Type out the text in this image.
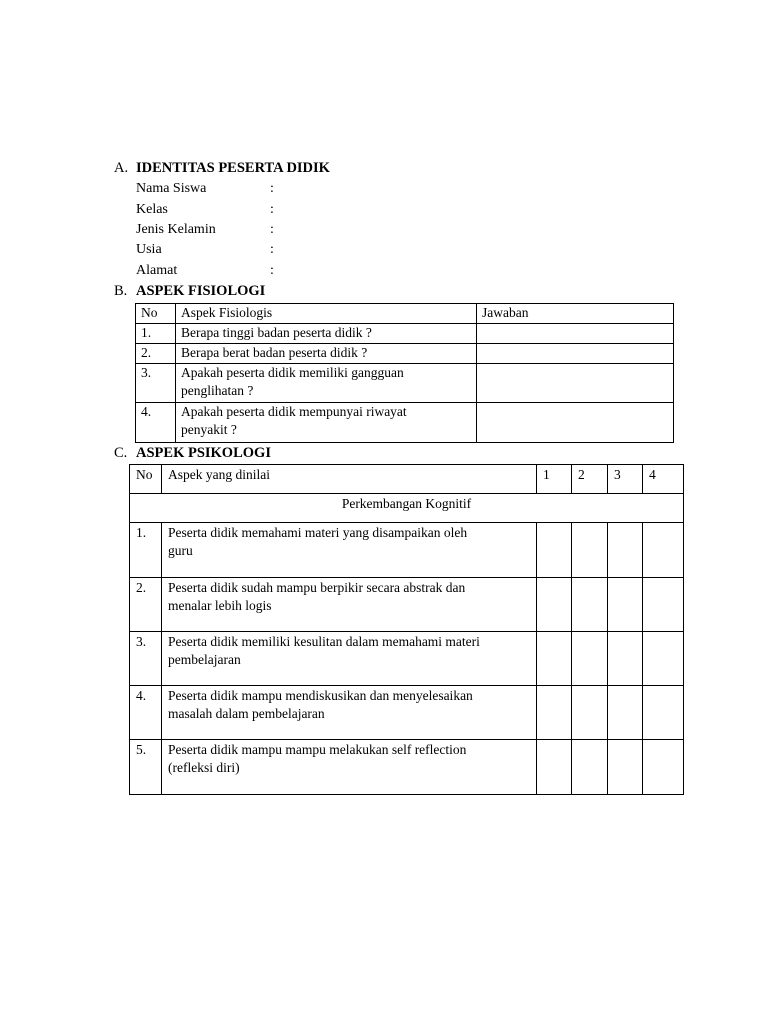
A. IDENTITAS PESERTA DIDIK
Nama Siswa	:
Kelas	:
Jenis Kelamin	:
Usia	:
Alamat	:
B. ASPEK FISIOLOGI
No	Aspek Fisiologis	Jawaban
1.	Berapa tinggi badan peserta didik ?	
2.	Berapa berat badan peserta didik ?	
3.	Apakah peserta didik memiliki gangguan
penglihatan ?	

4.	Apakah peserta didik mempunyai riwayat
penyakit ?	

C. ASPEK PSIKOLOGI
No	Aspek yang dinilai	1	2	3	4
Perkembangan Kognitif					
1.	Peserta didik memahami materi yang disampaikan oleh
guru				

2.	Peserta didik sudah mampu berpikir secara abstrak dan
menalar lebih logis				

3.	Peserta didik memiliki kesulitan dalam memahami materi
pembelajaran				

4.	Peserta didik mampu mendiskusikan dan menyelesaikan
masalah dalam pembelajaran				

5.	Peserta didik mampu mampu melakukan self reflection
(refleksi diri)				
